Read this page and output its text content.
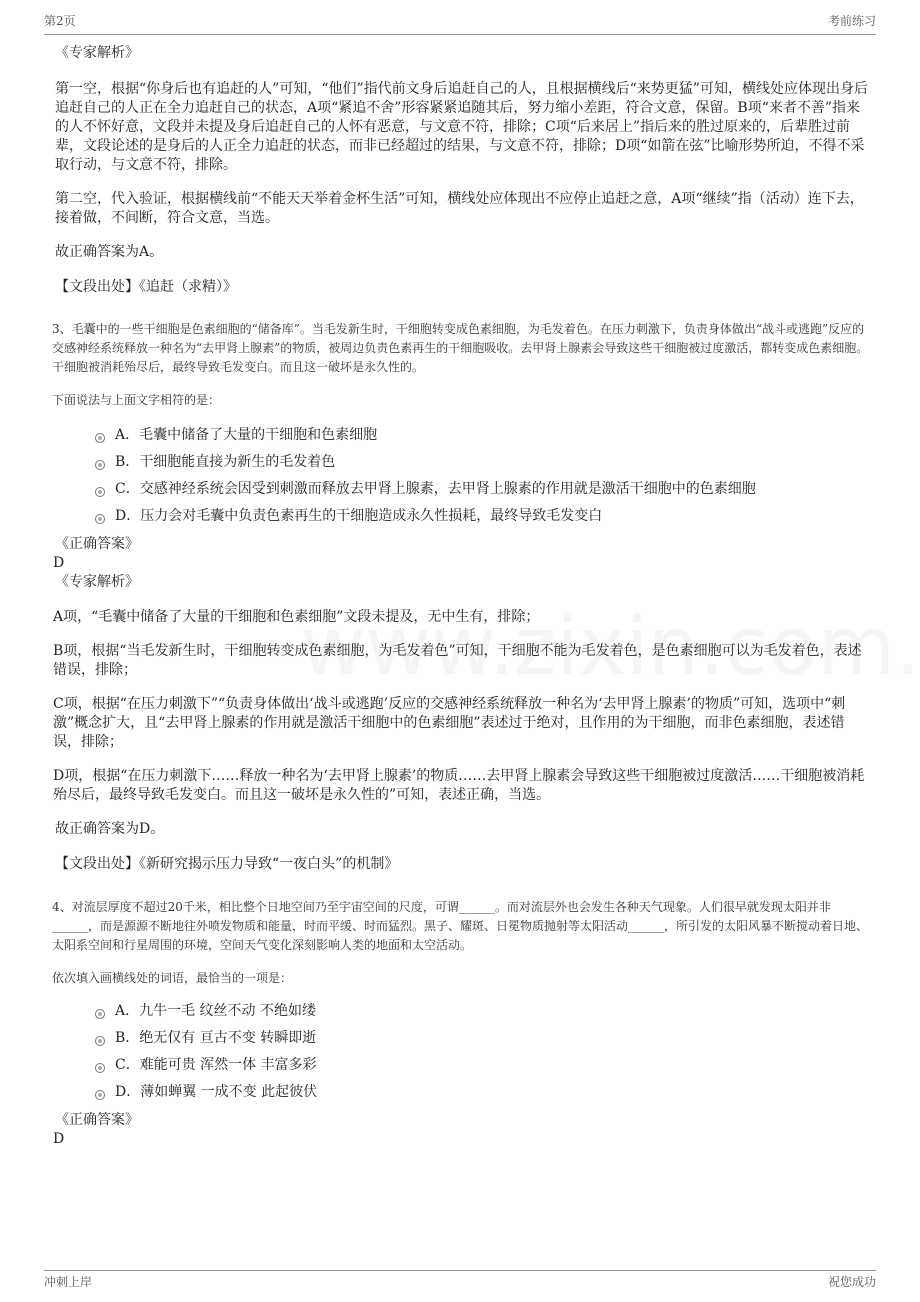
第2页	考前练习

《专家解析》

第一空，根据“你身后也有追赶的人”可知，“他们”指代前文身后追赶自己的人，且根据横线后“来势更猛”可知，横线处应体现出身后追赶自己的人正在全力追赶自己的状态，A项“紧追不舍”形容紧紧追随其后，努力缩小差距，符合文意，保留。B项“来者不善”指来的人不怀好意，文段并未提及身后追赶自己的人怀有恶意，与文意不符，排除；C项“后来居上”指后来的胜过原来的，后辈胜过前辈，文段论述的是身后的人正全力追赶的状态，而非已经超过的结果，与文意不符，排除；D项“如箭在弦”比喻形势所迫，不得不采取行动，与文意不符，排除。

第二空，代入验证，根据横线前“不能天天举着金杯生活”可知，横线处应体现出不应停止追赶之意，A项“继续”指（活动）连下去，接着做，不间断，符合文意，当选。

故正确答案为A。

【文段出处】《追赶（求精）》

3、毛囊中的一些干细胞是色素细胞的“储备库”。当毛发新生时，干细胞转变成色素细胞，为毛发着色。在压力刺激下，负责身体做出“战斗或逃跑”反应的交感神经系统释放一种名为“去甲肾上腺素”的物质，被周边负责色素再生的干细胞吸收。去甲肾上腺素会导致这些干细胞被过度激活，都转变成色素细胞。干细胞被消耗殆尽后，最终导致毛发变白。而且这一破坏是永久性的。

下面说法与上面文字相符的是：

A．毛囊中储备了大量的干细胞和色素细胞
B．干细胞能直接为新生的毛发着色
C．交感神经系统会因受到刺激而释放去甲肾上腺素，去甲肾上腺素的作用就是激活干细胞中的色素细胞
D．压力会对毛囊中负责色素再生的干细胞造成永久性损耗，最终导致毛发变白

《正确答案》

D

《专家解析》

A项，“毛囊中储备了大量的干细胞和色素细胞”文段未提及，无中生有，排除；

B项，根据“当毛发新生时，干细胞转变成色素细胞，为毛发着色”可知，干细胞不能为毛发着色，是色素细胞可以为毛发着色，表述错误，排除；

C项，根据“在压力刺激下”“负责身体做出‘战斗或逃跑’反应的交感神经系统释放一种名为‘去甲肾上腺素’的物质”可知，选项中“刺激”概念扩大，且“去甲肾上腺素的作用就是激活干细胞中的色素细胞”表述过于绝对，且作用的为干细胞，而非色素细胞，表述错误，排除；

D项，根据“在压力刺激下……释放一种名为‘去甲肾上腺素’的物质……去甲肾上腺素会导致这些干细胞被过度激活……干细胞被消耗殆尽后，最终导致毛发变白。而且这一破坏是永久性的”可知，表述正确，当选。

故正确答案为D。

【文段出处】《新研究揭示压力导致“一夜白头”的机制》

4、对流层厚度不超过20千米，相比整个日地空间乃至宇宙空间的尺度，可谓______。而对流层外也会发生各种天气现象。人们很早就发现太阳并非______，而是源源不断地往外喷发物质和能量，时而平缓、时而猛烈。黑子、耀斑、日冕物质抛射等太阳活动______，所引发的太阳风暴不断搅动着日地、太阳系空间和行星周围的环境，空间天气变化深刻影响人类的地面和太空活动。

依次填入画横线处的词语，最恰当的一项是：

A．九牛一毛 纹丝不动 不绝如缕
B．绝无仅有 亘古不变 转瞬即逝
C．难能可贵 浑然一体 丰富多彩
D．薄如蝉翼 一成不变 此起彼伏

《正确答案》

D

冲刺上岸	祝您成功
